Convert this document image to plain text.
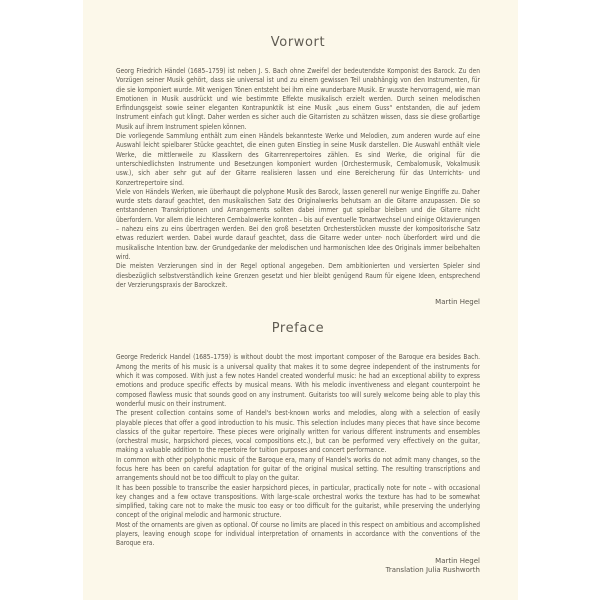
Vorwort

Georg Friedrich Händel (1685–1759) ist neben J. S. Bach ohne Zweifel der bedeutendste Komponist des Barock. Zu den Vorzügen seiner Musik gehört, dass sie universal ist und zu einem gewissen Teil unabhängig von den Instrumenten, für die sie komponiert wurde. Mit wenigen Tönen entsteht bei ihm eine wunderbare Musik. Er wusste hervorragend, wie man Emotionen in Musik ausdrückt und wie bestimmte Effekte musikalisch erzielt werden. Durch seinen melodischen Erfindungsgeist sowie seiner eleganten Kontrapunktik ist eine Musik „aus einem Guss“ entstanden, die auf jedem Instrument einfach gut klingt. Daher werden es sicher auch die Gitarristen zu schätzen wissen, dass sie diese großartige Musik auf ihrem Instrument spielen können.

Die vorliegende Sammlung enthält zum einen Händels bekannteste Werke und Melodien, zum anderen wurde auf eine Auswahl leicht spielbarer Stücke geachtet, die einen guten Einstieg in seine Musik darstellen. Die Auswahl enthält viele Werke, die mittlerweile zu Klassikern des Gitarrenrepertoires zählen. Es sind Werke, die original für die unterschiedlichsten Instrumente und Besetzungen komponiert wurden (Orchestermusik, Cembalomusik, Vokalmusik usw.), sich aber sehr gut auf der Gitarre realisieren lassen und eine Bereicherung für das Unterrichts- und Konzertrepertoire sind.

Viele von Händels Werken, wie überhaupt die polyphone Musik des Barock, lassen generell nur wenige Eingriffe zu. Daher wurde stets darauf geachtet, den musikalischen Satz des Originalwerks behutsam an die Gitarre anzupassen. Die so entstandenen Transkriptionen und Arrangements sollten dabei immer gut spielbar bleiben und die Gitarre nicht überfordern. Vor allem die leichteren Cembalowerke konnten – bis auf eventuelle Tonartwechsel und einige Oktavierungen – nahezu eins zu eins übertragen werden. Bei den groß besetzten Orchesterstücken musste der kompositorische Satz etwas reduziert werden. Dabei wurde darauf geachtet, dass die Gitarre weder unter- noch überfordert wird und die musikalische Intention bzw. der Grundgedanke der melodischen und harmonischen Idee des Originals immer beibehalten wird.

Die meisten Verzierungen sind in der Regel optional angegeben. Dem ambitionierten und versierten Spieler sind diesbezüglich selbstverständlich keine Grenzen gesetzt und hier bleibt genügend Raum für eigene Ideen, entsprechend der Verzierungspraxis der Barockzeit.

Martin Hegel
Preface

George Frederick Handel (1685–1759) is without doubt the most important composer of the Baroque era besides Bach. Among the merits of his music is a universal quality that makes it to some degree independent of the instruments for which it was composed. With just a few notes Handel created wonderful music: he had an exceptional ability to express emotions and produce specific effects by musical means. With his melodic inventiveness and elegant counterpoint he composed flawless music that sounds good on any instrument. Guitarists too will surely welcome being able to play this wonderful music on their instrument.

The present collection contains some of Handel's best-known works and melodies, along with a selection of easily playable pieces that offer a good introduction to his music. This selection includes many pieces that have since become classics of the guitar repertoire. These pieces were originally written for various different instruments and ensembles (orchestral music, harpsichord pieces, vocal compositions etc.), but can be performed very effectively on the guitar, making a valuable addition to the repertoire for tuition purposes and concert performance.

In common with other polyphonic music of the Baroque era, many of Handel's works do not admit many changes, so the focus here has been on careful adaptation for guitar of the original musical setting. The resulting transcriptions and arrangements should not be too difficult to play on the guitar.

It has been possible to transcribe the easier harpsichord pieces, in particular, practically note for note – with occasional key changes and a few octave transpositions. With large-scale orchestral works the texture has had to be somewhat simplified, taking care not to make the music too easy or too difficult for the guitarist, while preserving the underlying concept of the original melodic and harmonic structure.

Most of the ornaments are given as optional. Of course no limits are placed in this respect on ambitious and accomplished players, leaving enough scope for individual interpretation of ornaments in accordance with the conventions of the Baroque era.

Martin Hegel
Translation Julia Rushworth
